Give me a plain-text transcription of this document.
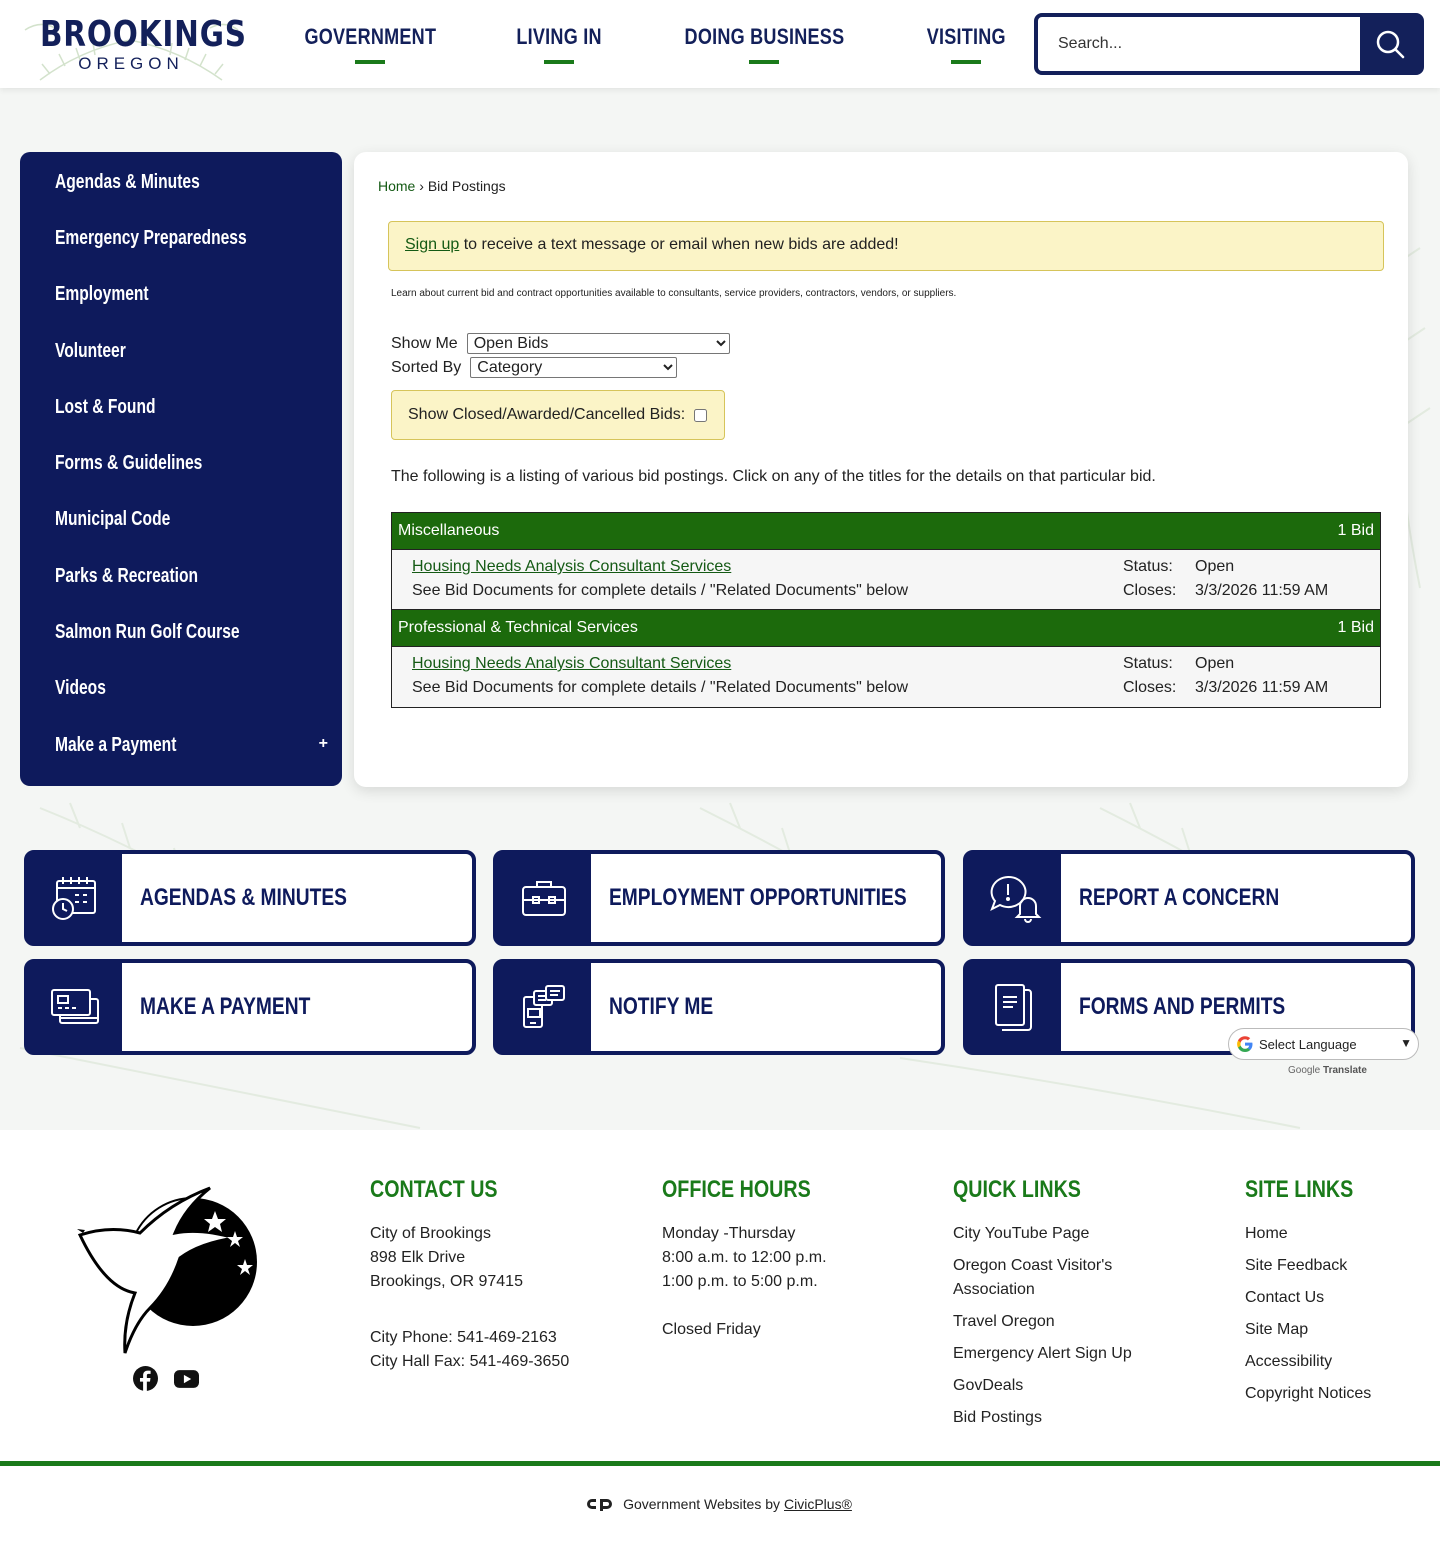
BROOKINGS
OREGON
GOVERNMENT	LIVING IN	DOING BUSINESS	VISITING
Search...
Agendas & Minutes
Emergency Preparedness
Employment
Volunteer
Lost & Found
Forms & Guidelines
Municipal Code
Parks & Recreation
Salmon Run Golf Course
Videos
Make a Payment	+
Home › Bid Postings
Sign up to receive a text message or email when new bids are added!
Learn about current bid and contract opportunities available to consultants, service providers, contractors, vendors, or suppliers.
Show Me
Open Bids
Sorted By
Category
Show Closed/Awarded/Cancelled Bids:
The following is a listing of various bid postings. Click on any of the titles for the details on that particular bid.
Miscellaneous	1 Bid
Housing Needs Analysis Consultant Services
See Bid Documents for complete details / "Related Documents" below
Status: Open
Closes: 3/3/2026 11:59 AM
Professional & Technical Services	1 Bid
Housing Needs Analysis Consultant Services
See Bid Documents for complete details / "Related Documents" below
Status: Open
Closes: 3/3/2026 11:59 AM
AGENDAS & MINUTES	EMPLOYMENT OPPORTUNITIES	REPORT A CONCERN
MAKE A PAYMENT	NOTIFY ME	FORMS AND PERMITS
Select Language	▼
Google Translate
BROOKINGS
CONTACT US
City of Brookings
898 Elk Drive
Brookings, OR 97415
City Phone: 541-469-2163
City Hall Fax: 541-469-3650
OFFICE HOURS
Monday -Thursday
8:00 a.m. to 12:00 p.m.
1:00 p.m. to 5:00 p.m.
Closed Friday
QUICK LINKS
City YouTube Page
Oregon Coast Visitor's Association
Travel Oregon
Emergency Alert Sign Up
GovDeals
Bid Postings
SITE LINKS
Home
Site Feedback
Contact Us
Site Map
Accessibility
Copyright Notices
Government Websites by CivicPlus®
